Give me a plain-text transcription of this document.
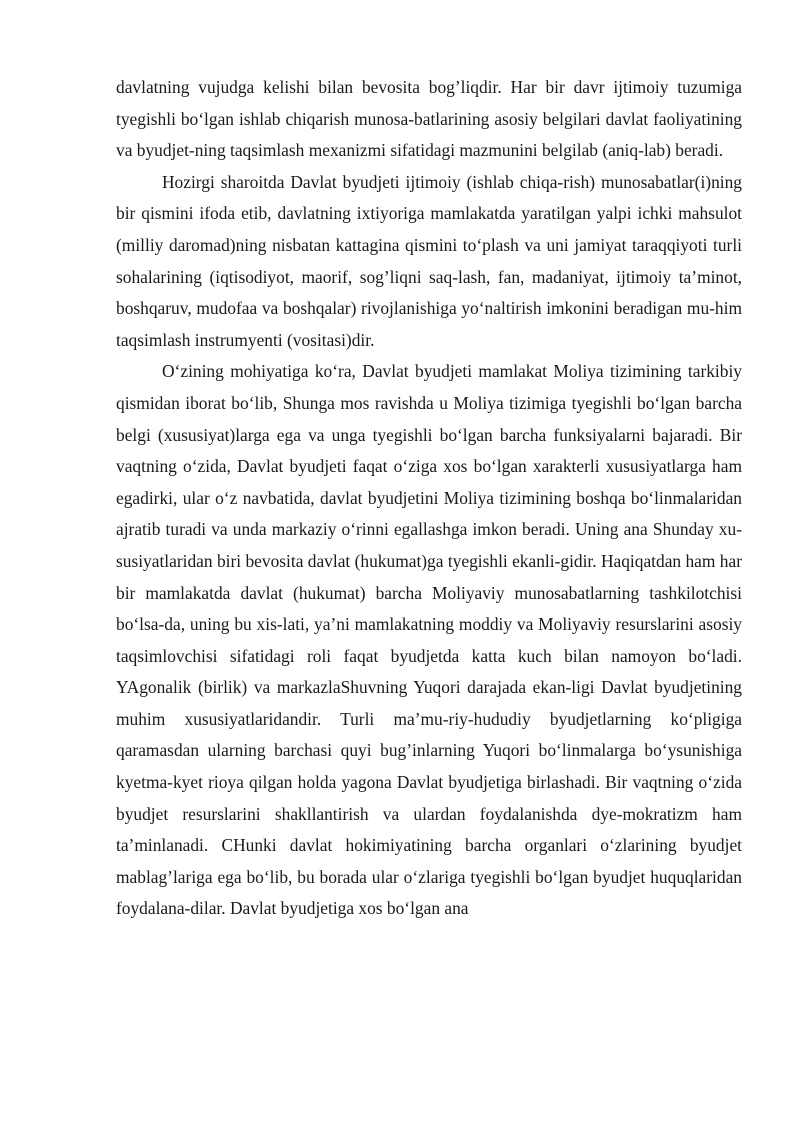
davlatning vujudga kelishi bilan bevosita bog’liqdir. Har bir davr ijtimoiy tuzumiga tyegishli bo‘lgan ishlab chiqarish munosa-batlarining asosiy belgilari davlat faoliyatining va byudjet-ning taqsimlash mexanizmi sifatidagi mazmunini belgilab (aniq-lab) beradi.

Hozirgi sharoitda Davlat byudjeti ijtimoiy (ishlab chiqa-rish) munosabatlar(i)ning bir qismini ifoda etib, davlatning ixtiyoriga mamlakatda yaratilgan yalpi ichki mahsulot (milliy daromad)ning nisbatan kattagina qismini to‘plash va uni jamiyat taraqqiyoti turli sohalarining (iqtisodiyot, maorif, sog’liqni saq-lash, fan, madaniyat, ijtimoiy ta’minot, boshqaruv, mudofaa va boshqalar) rivojlanishiga yo‘naltirish imkonini beradigan mu-him taqsimlash instrumyenti (vositasi)dir.

O‘zining mohiyatiga ko‘ra, Davlat byudjeti mamlakat Moliya tizimining tarkibiy qismidan iborat bo‘lib, Shunga mos ravishda u Moliya tizimiga tyegishli bo‘lgan barcha belgi (xususiyat)larga ega va unga tyegishli bo‘lgan barcha funksiyalarni bajaradi. Bir vaqtning o‘zida, Davlat byudjeti faqat o‘ziga xos bo‘lgan xarakterli xususiyatlarga ham egadirki, ular o‘z navbatida, davlat byudjetini Moliya tizimining boshqa bo‘linmalaridan ajratib turadi va unda markaziy o‘rinni egallashga imkon beradi. Uning ana Shunday xu-susiyatlaridan biri bevosita davlat (hukumat)ga tyegishli ekanli-gidir. Haqiqatdan ham har bir mamlakatda davlat (hukumat) barcha Moliyaviy munosabatlarning tashkilotchisi bo‘lsa-da, uning bu xis-lati, ya’ni mamlakatning moddiy va Moliyaviy resurslarini asosiy taqsimlovchisi sifatidagi roli faqat byudjetda katta kuch bilan namoyon bo‘ladi. YAgonalik (birlik) va markazlaShuvning Yuqori darajada ekan-ligi Davlat byudjetining muhim xususiyatlaridandir. Turli ma’mu-riy-hududiy byudjetlarning ko‘pligiga qaramasdan ularning barchasi quyi bug’inlarning Yuqori bo‘linmalarga bo‘ysunishiga kyetma-kyet rioya qilgan holda yagona Davlat byudjetiga birlashadi. Bir vaqtning o‘zida byudjet resurslarini shakllantirish va ulardan foydalanishda dye-mokratizm ham ta’minlanadi. CHunki davlat hokimiyatining barcha organlari o‘zlarining byudjet mablag’lariga ega bo‘lib, bu borada ular o‘zlariga tyegishli bo‘lgan byudjet huquqlaridan foydalana-dilar. Davlat byudjetiga xos bo‘lgan ana
